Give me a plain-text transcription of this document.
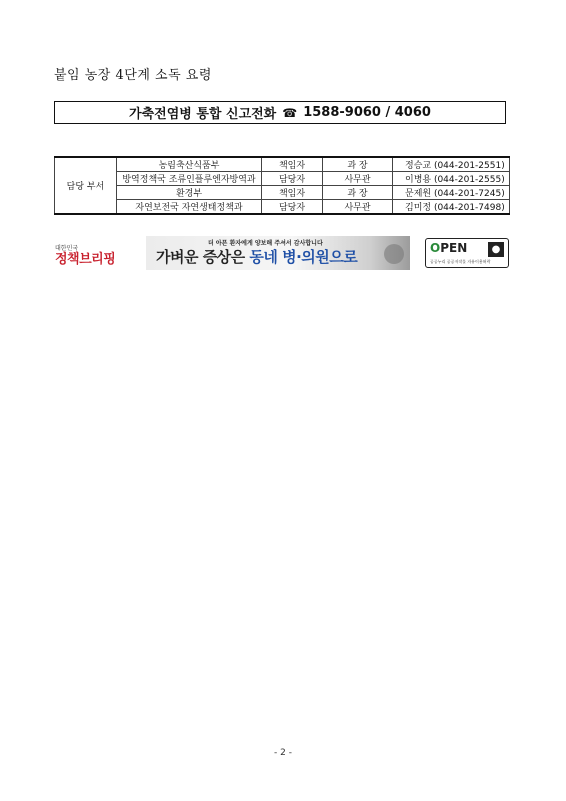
붙임 농장 4단계 소독 요령
가축전염병 통합 신고전화 ☎ 1588-9060 / 4060
담당 부서	농림축산식품부	책임자	과 장	정승교 (044-201-2551)
	방역정책국 조류인플루엔자방역과	담당자	사무관	이병용 (044-201-2555)
	환경부	책임자	과 장	문제원 (044-201-7245)
	자연보전국 자연생태정책과	담당자	사무관	김미정 (044-201-7498)
대한민국
정책브리핑
더 아픈 환자에게 양보해 주셔서 감사합니다
가벼운 증상은 동네 병·의원으로	OPEN	●
공공누리 공공저작물 자유이용허락
- 2 -
